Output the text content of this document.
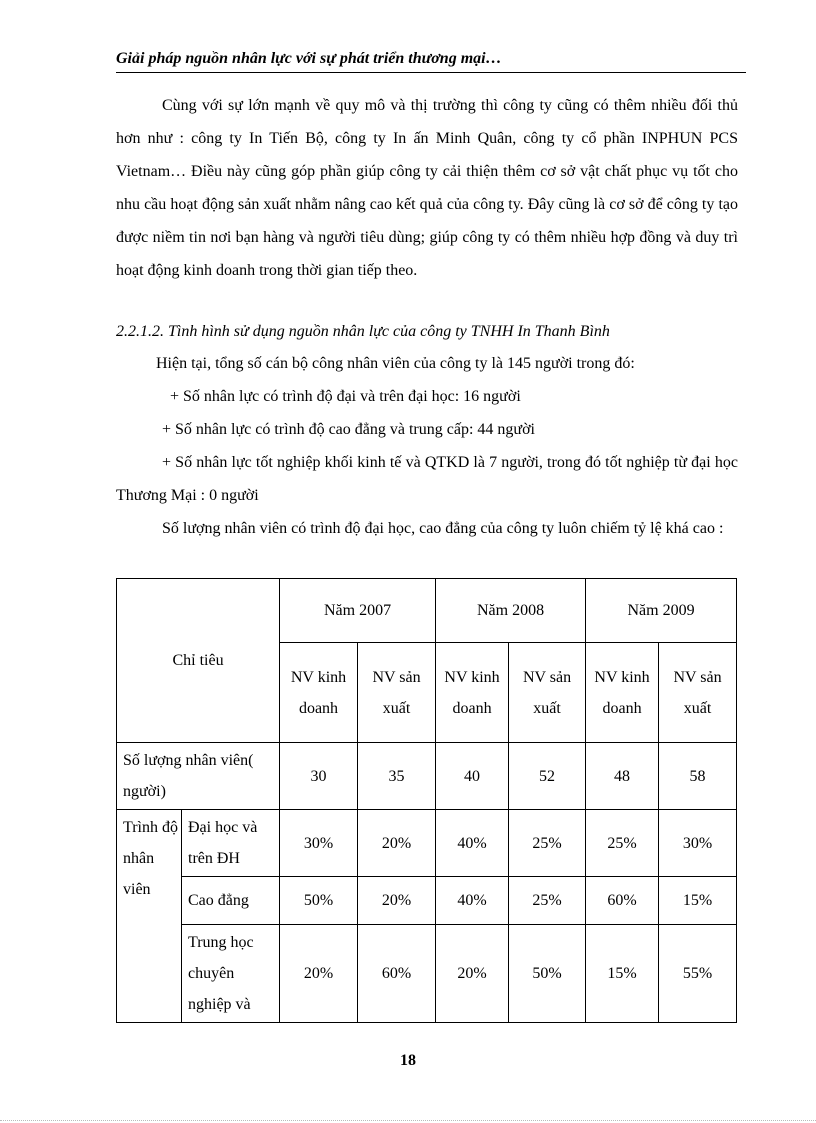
Giải pháp nguồn nhân lực với sự phát triển thương mại…
Cùng với sự lớn mạnh về quy mô và thị trường thì công ty cũng có thêm nhiều đối thủ hơn như : công ty In Tiến Bộ, công ty In ấn Minh Quân, công ty cổ phần INPHUN PCS Vietnam… Điều này cũng góp phần giúp công ty cải thiện thêm cơ sở vật chất phục vụ tốt cho nhu cầu hoạt động sản xuất nhằm nâng cao kết quả của công ty. Đây cũng là cơ sở để công ty tạo được niềm tin nơi bạn hàng và người tiêu dùng; giúp công ty có thêm nhiều hợp đồng và duy trì hoạt động kinh doanh trong thời gian tiếp theo.
2.2.1.2. Tình hình sử dụng nguồn nhân lực của công ty TNHH In Thanh Bình
Hiện tại, tổng số cán bộ công nhân viên của công ty là 145 người trong đó:
+ Số nhân lực có trình độ đại và trên đại học: 16 người
+ Số nhân lực có trình độ cao đẳng và trung cấp: 44 người
+ Số nhân lực tốt nghiệp khối kinh tế và QTKD là 7 người, trong đó tốt nghiệp từ đại học Thương Mại : 0 người
Số lượng nhân viên có trình độ đại học, cao đẳng của công ty luôn chiếm tỷ lệ khá cao :
Chỉ tiêu		Năm 2007		Năm 2008		Năm 2009	
		NV kinh doanh	NV sản xuất	NV kinh doanh	NV sản xuất	NV kinh doanh	NV sản xuất
Số lượng nhân viên( người)		30	35	40	52	48	58
Trình độ nhân viên	Đại học và trên ĐH	30%	20%	40%	25%	25%	30%
	Cao đẳng	50%	20%	40%	25%	60%	15%
	Trung học chuyên nghiệp và	20%	60%	20%	50%	15%	55%
18
